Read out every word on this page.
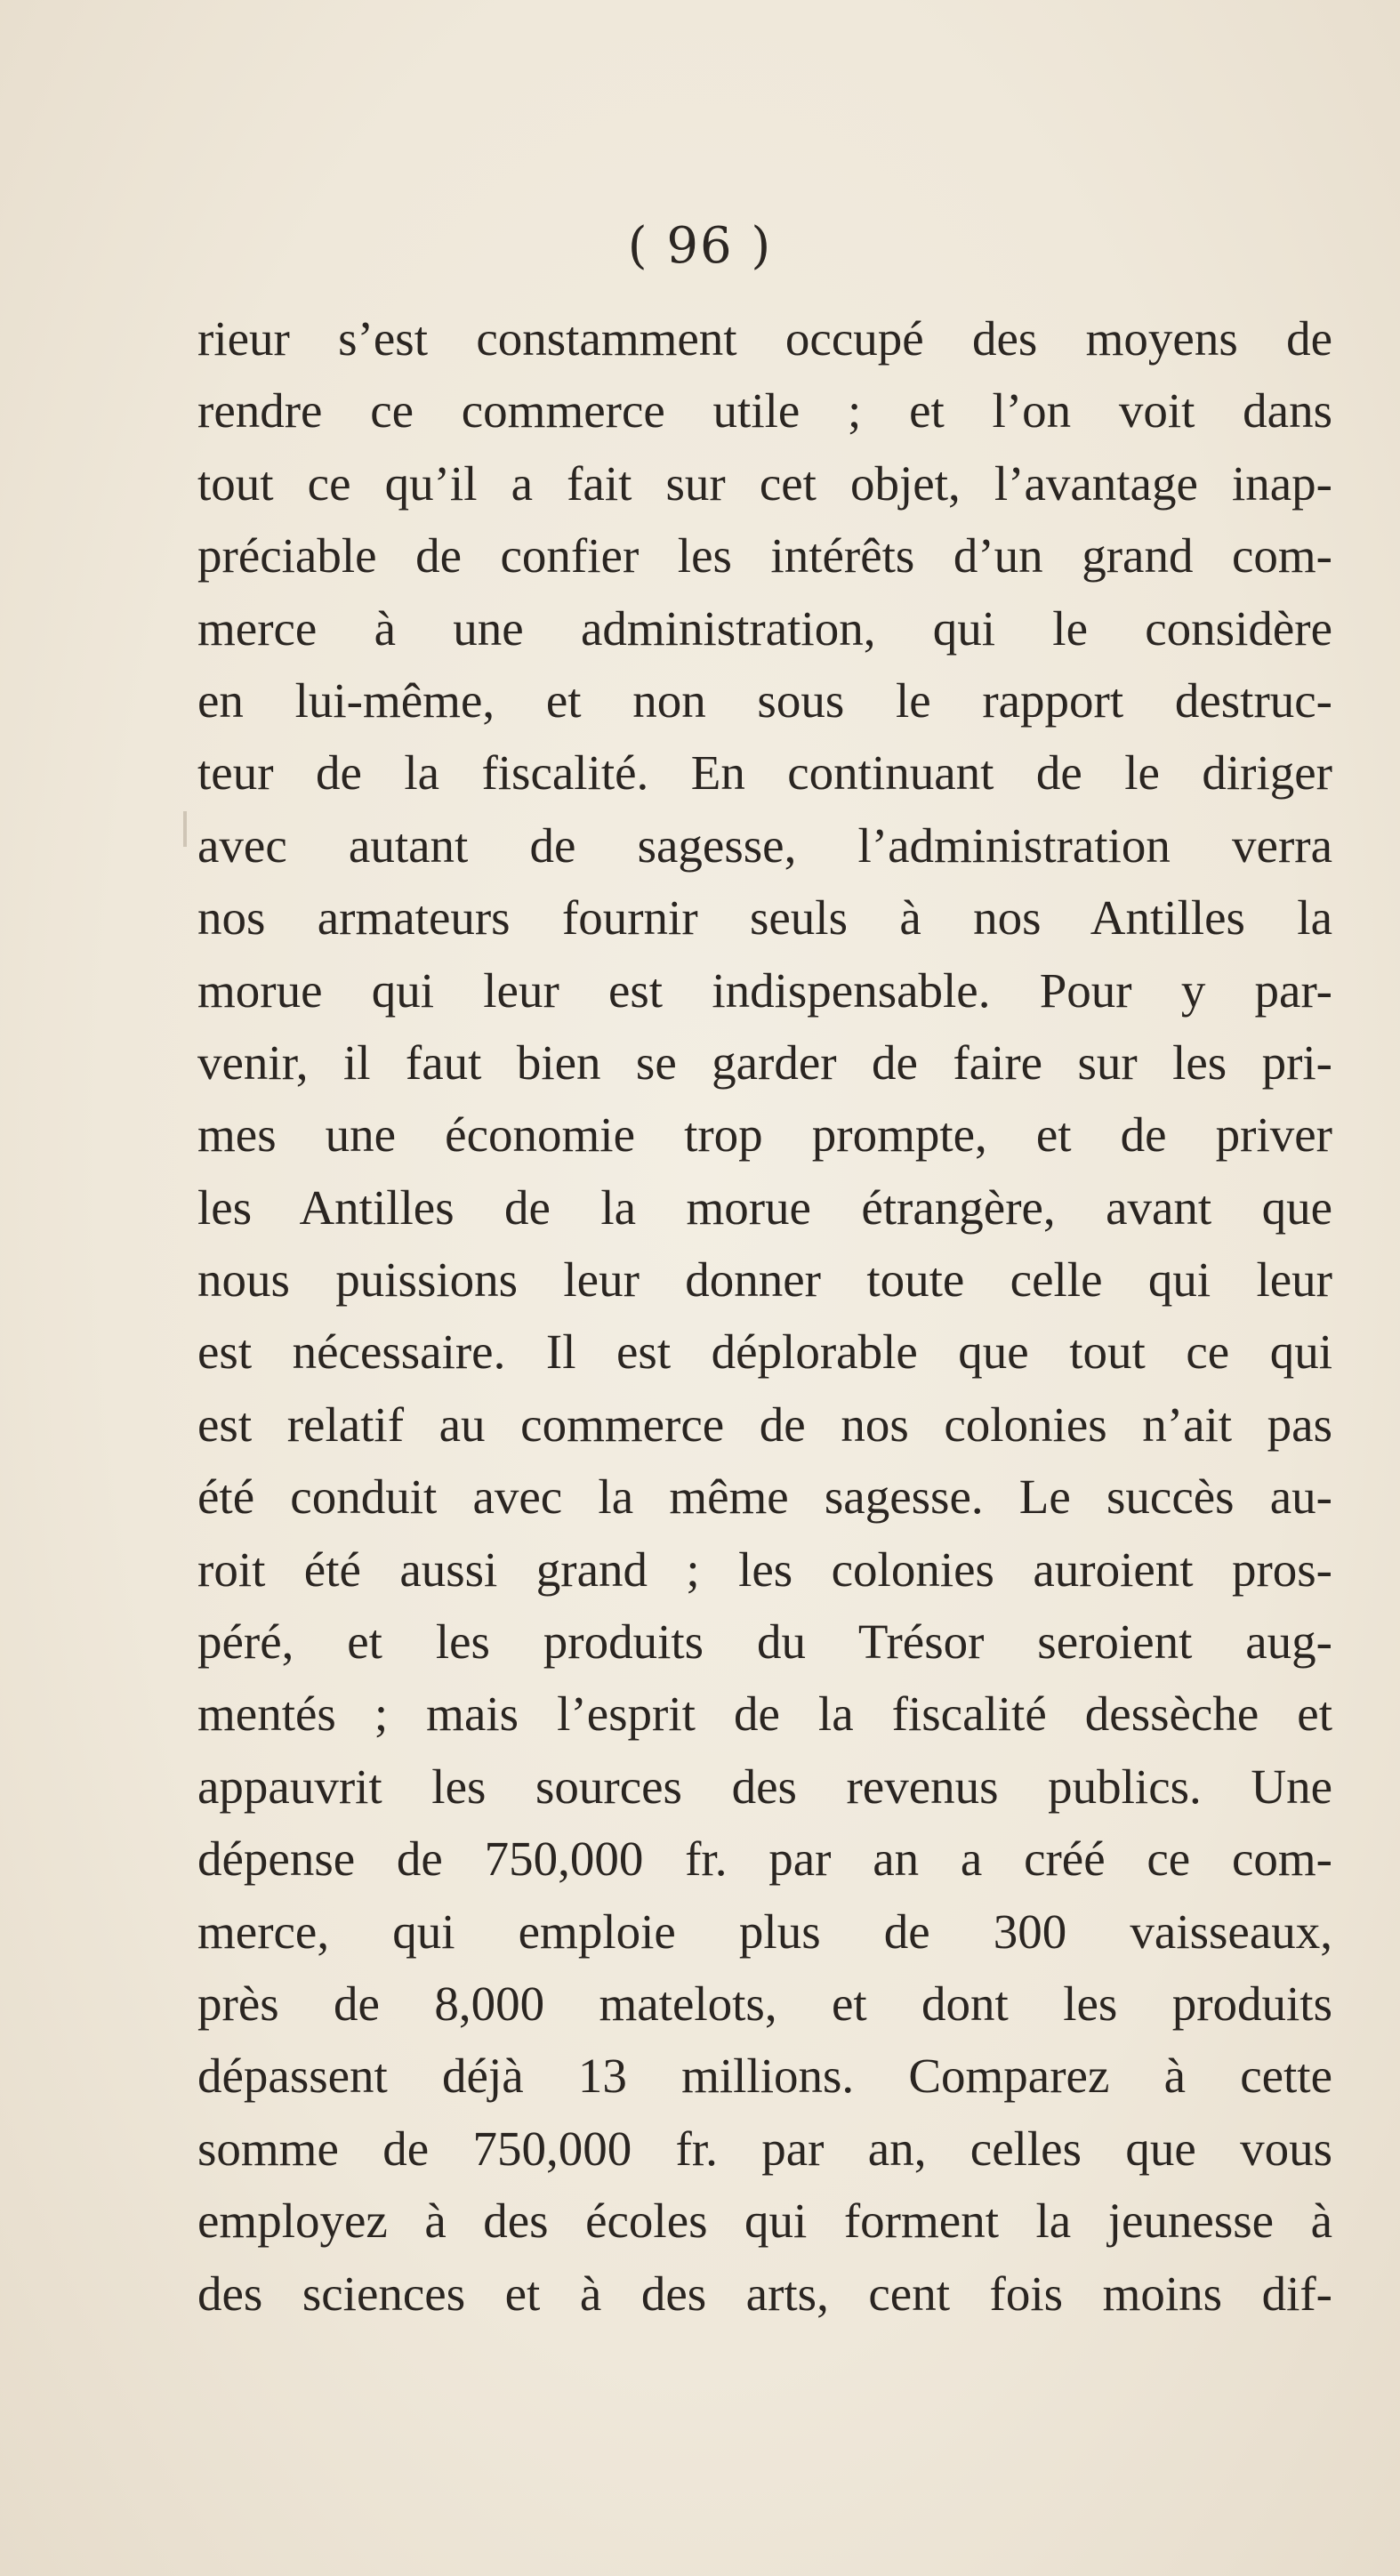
( 96 )
rieur s’est constamment occupé des moyens de
rendre ce commerce utile ; et l’on voit dans
tout ce qu’il a fait sur cet objet, l’avantage inap-
préciable de confier les intérêts d’un grand com-
merce à une administration, qui le considère
en lui-même, et non sous le rapport destruc-
teur de la fiscalité. En continuant de le diriger
avec autant de sagesse, l’administration verra
nos armateurs fournir seuls à nos Antilles la
morue qui leur est indispensable. Pour y par-
venir, il faut bien se garder de faire sur les pri-
mes une économie trop prompte, et de priver
les Antilles de la morue étrangère, avant que
nous puissions leur donner toute celle qui leur
est nécessaire. Il est déplorable que tout ce qui
est relatif au commerce de nos colonies n’ait pas
été conduit avec la même sagesse. Le succès au-
roit été aussi grand ; les colonies auroient pros-
péré, et les produits du Trésor seroient aug-
mentés ; mais l’esprit de la fiscalité dessèche et
appauvrit les sources des revenus publics. Une
dépense de 750,000 fr. par an a créé ce com-
merce, qui emploie plus de 300 vaisseaux,
près de 8,000 matelots, et dont les produits
dépassent déjà 13 millions. Comparez à cette
somme de 750,000 fr. par an, celles que vous
employez à des écoles qui forment la jeunesse à
des sciences et à des arts, cent fois moins dif-
